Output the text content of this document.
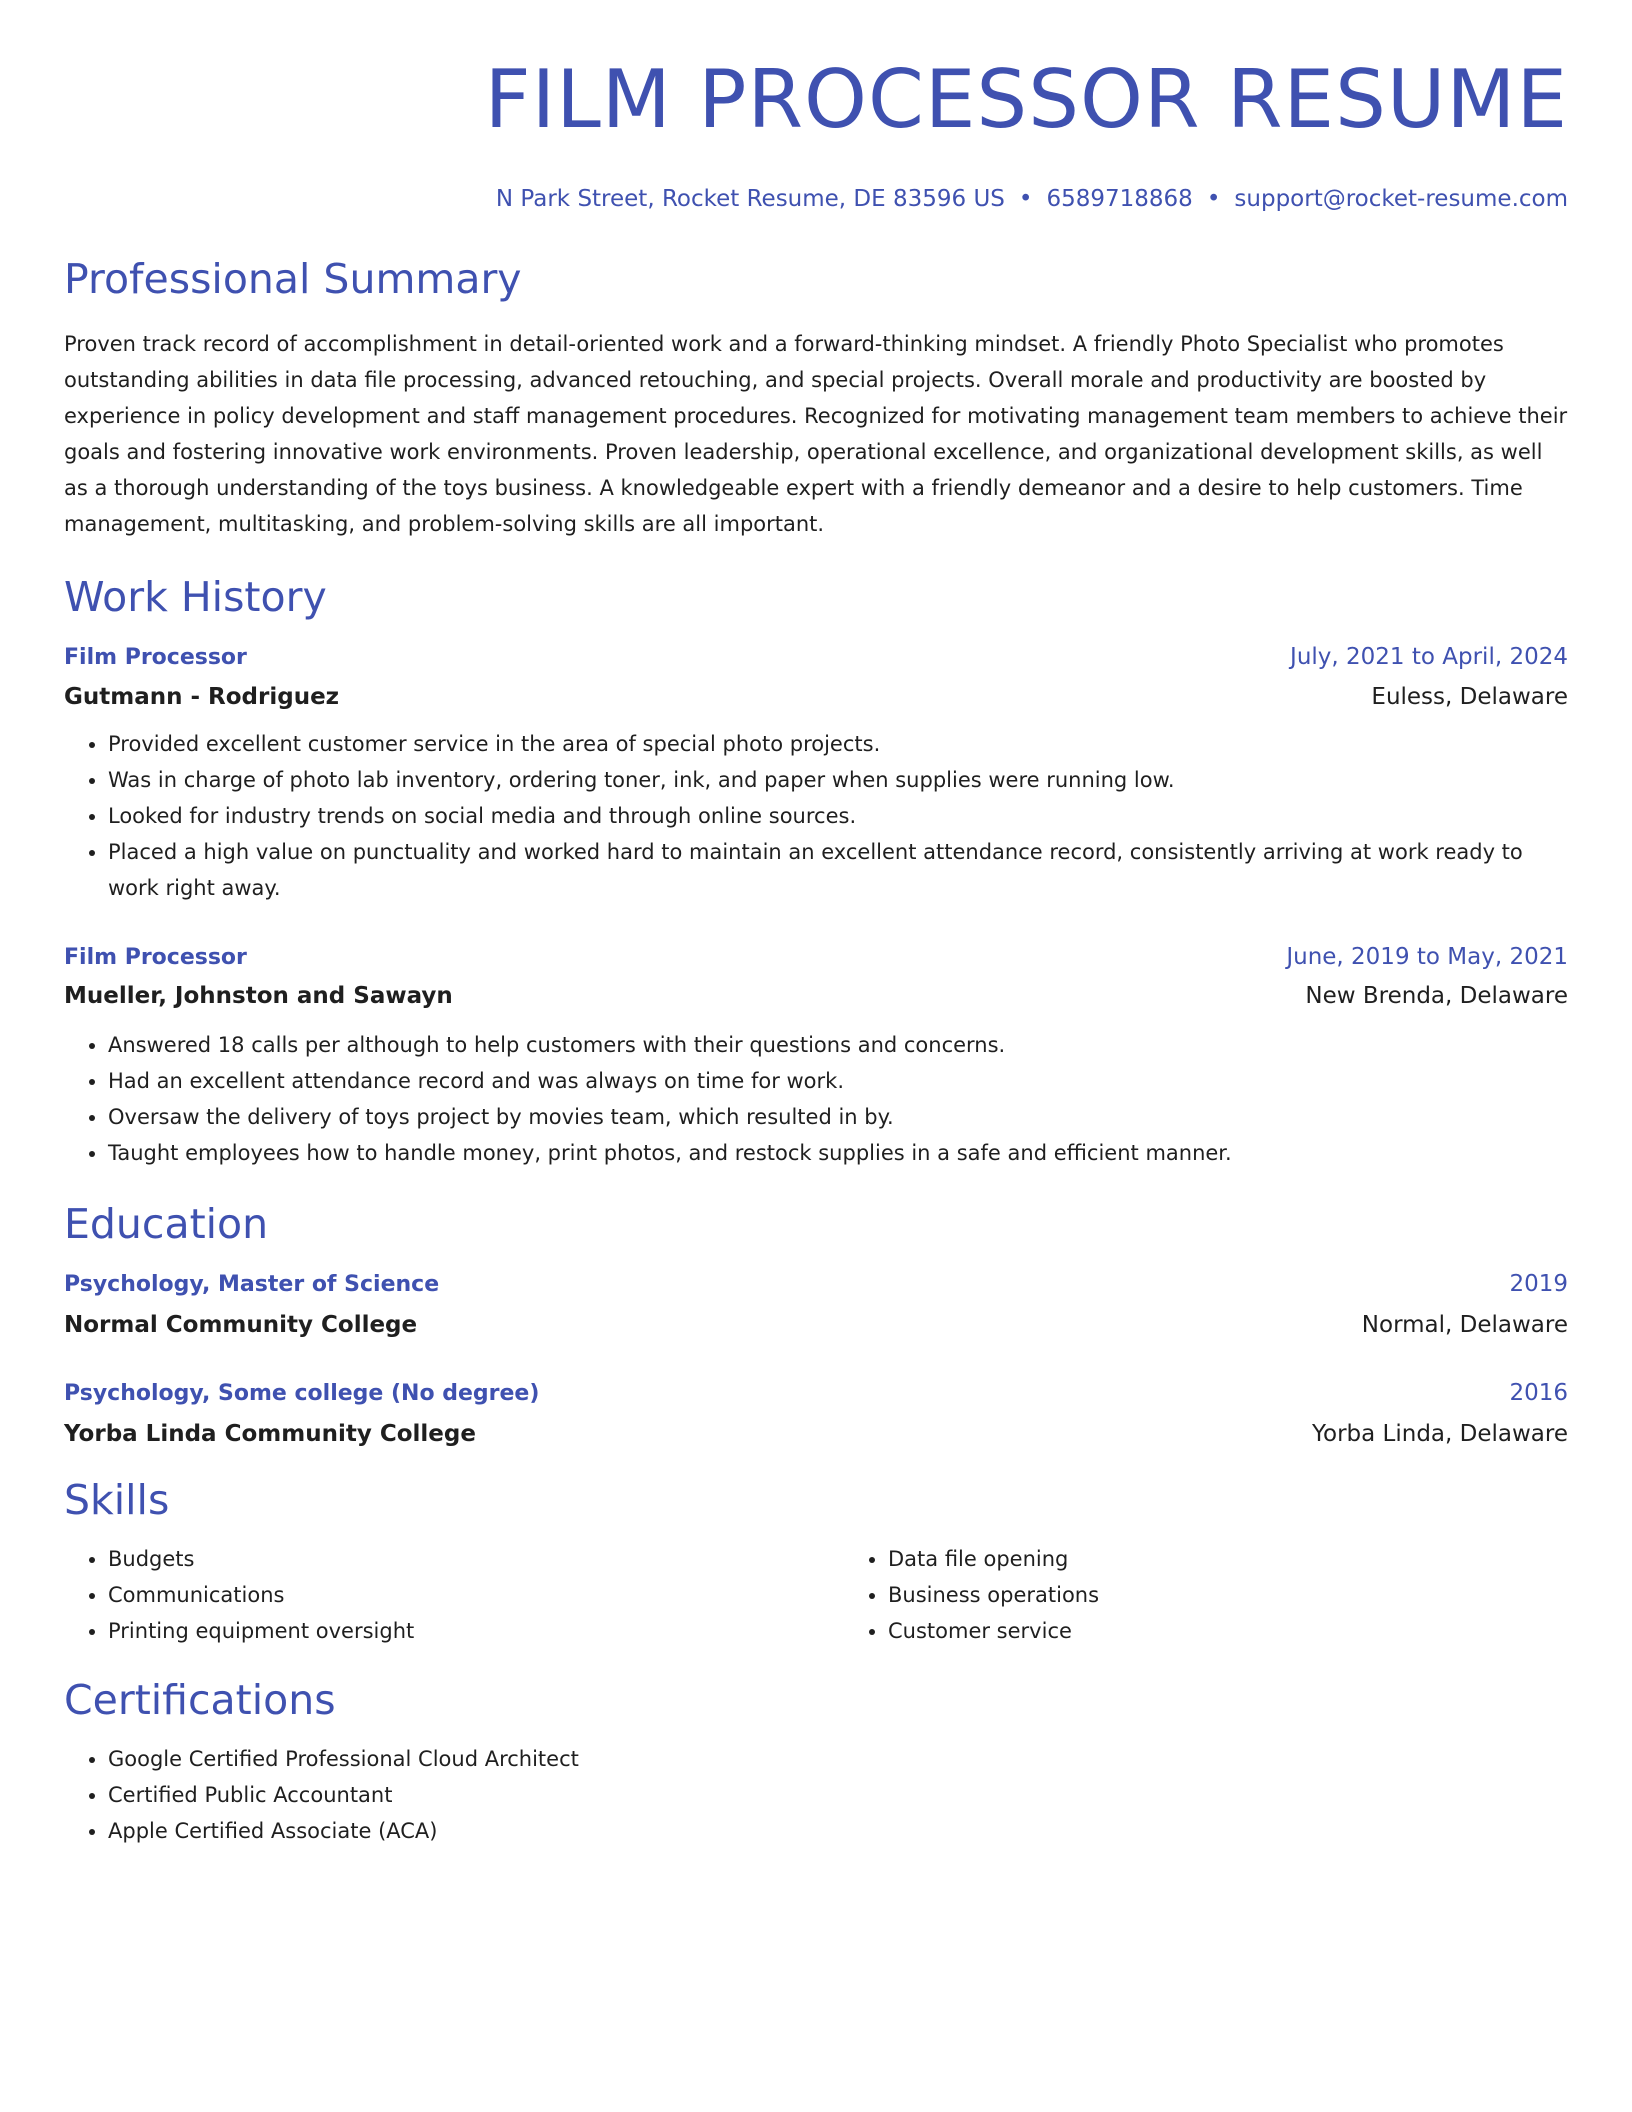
FILM PROCESSOR RESUME
N Park Street, Rocket Resume, DE 83596 US • 6589718868 • support@rocket-resume.com
Professional Summary

Proven track record of accomplishment in detail-oriented work and a forward-thinking mindset. A friendly Photo Specialist who promotes outstanding abilities in data file processing, advanced retouching, and special projects. Overall morale and productivity are boosted by experience in policy development and staff management procedures. Recognized for motivating management team members to achieve their goals and fostering innovative work environments. Proven leadership, operational excellence, and organizational development skills, as well as a thorough understanding of the toys business. A knowledgeable expert with a friendly demeanor and a desire to help customers. Time management, multitasking, and problem-solving skills are all important.

Work History
Film Processor	July, 2021 to April, 2024
Gutmann - Rodriguez	Euless, Delaware
• Provided excellent customer service in the area of special photo projects.
• Was in charge of photo lab inventory, ordering toner, ink, and paper when supplies were running low.
• Looked for industry trends on social media and through online sources.
• Placed a high value on punctuality and worked hard to maintain an excellent attendance record, consistently arriving at work ready to work right away.
Film Processor	June, 2019 to May, 2021
Mueller, Johnston and Sawayn	New Brenda, Delaware
• Answered 18 calls per although to help customers with their questions and concerns.
• Had an excellent attendance record and was always on time for work.
• Oversaw the delivery of toys project by movies team, which resulted in by.
• Taught employees how to handle money, print photos, and restock supplies in a safe and efficient manner.
Education
Psychology, Master of Science	2019
Normal Community College	Normal, Delaware
Psychology, Some college (No degree)	2016
Yorba Linda Community College	Yorba Linda, Delaware
Skills
• Budgets
• Communications
• Printing equipment oversight
• Data file opening
• Business operations
• Customer service
Certifications
• Google Certified Professional Cloud Architect
• Certified Public Accountant
• Apple Certified Associate (ACA)
